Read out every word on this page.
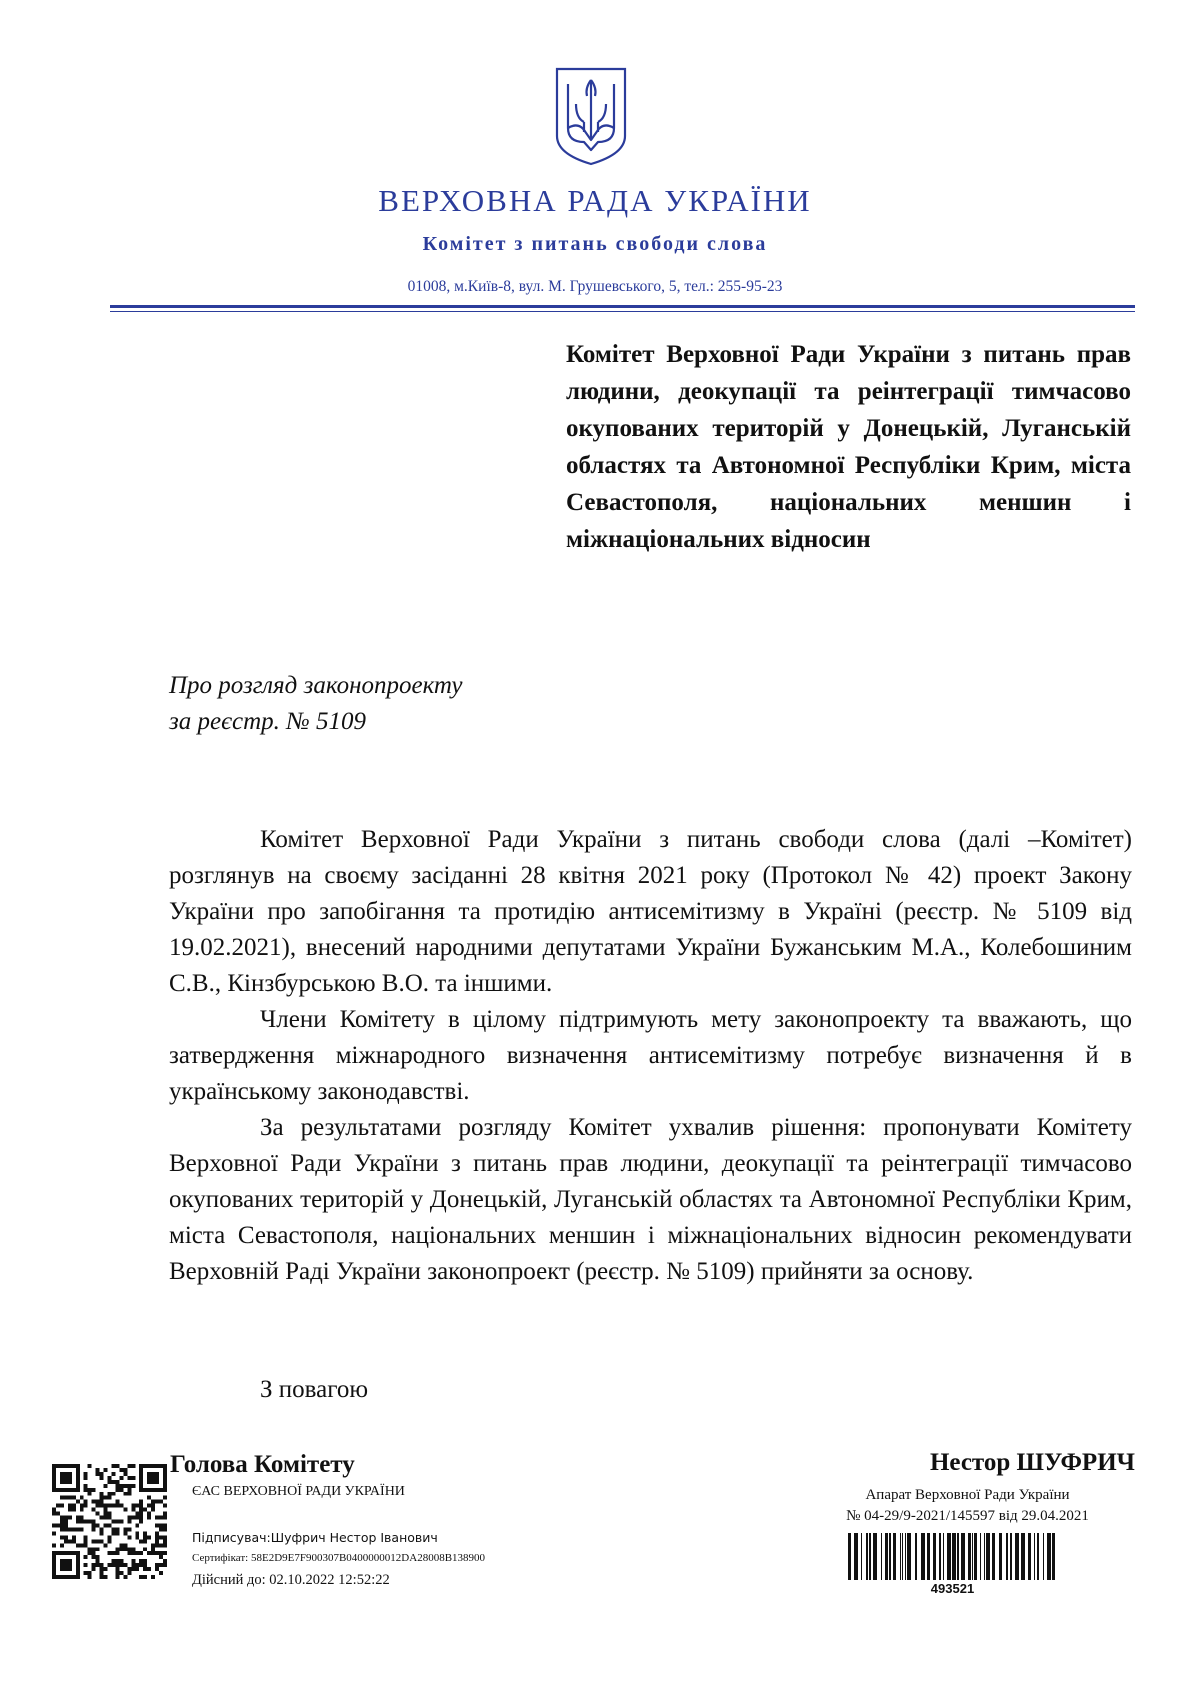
ВЕРХОВНА РАДА УКРАЇНИ
Комітет з питань свободи слова
01008, м.Київ-8, вул. М. Грушевського, 5, тел.: 255-95-23
Комітет Верховної Ради України з питань прав людини, деокупації та реінтеграції тимчасово окупованих територій у Донецькій, Луганській областях та Автономної Республіки Крим, міста Севастополя, національних меншин і міжнаціональних відносин
Про розгляд законопроекту
за реєстр. № 5109

Комітет Верховної Ради України з питань свободи слова (далі –Комітет) розглянув на своєму засіданні 28 квітня 2021 року (Протокол № 42) проект Закону України про запобігання та протидію антисемітизму в Україні (реєстр. № 5109 від 19.02.2021), внесений народними депутатами України Бужанським М.А., Колебошиним С.В., Кінзбурською В.О. та іншими.

Члени Комітету в цілому підтримують мету законопроекту та вважають, що затвердження міжнародного визначення антисемітизму потребує визначення й в українському законодавстві.

За результатами розгляду Комітет ухвалив рішення: пропонувати Комітету Верховної Ради України з питань прав людини, деокупації та реінтеграції тимчасово окупованих територій у Донецькій, Луганській областях та Автономної Республіки Крим, міста Севастополя, національних меншин і міжнаціональних відносин рекомендувати Верховній Раді України законопроект (реєстр. № 5109) прийняти за основу.

З повагою
Голова Комітету
ЄАС ВЕРХОВНОЇ РАДИ УКРАЇНИ
Підписувач:Шуфрич Нестор Іванович
Сертифікат: 58E2D9E7F900307B0400000012DA28008B138900
Дійсний до: 02.10.2022 12:52:22
Нестор ШУФРИЧ
Апарат Верховної Ради України
№ 04-29/9-2021/145597 від 29.04.2021
493521
